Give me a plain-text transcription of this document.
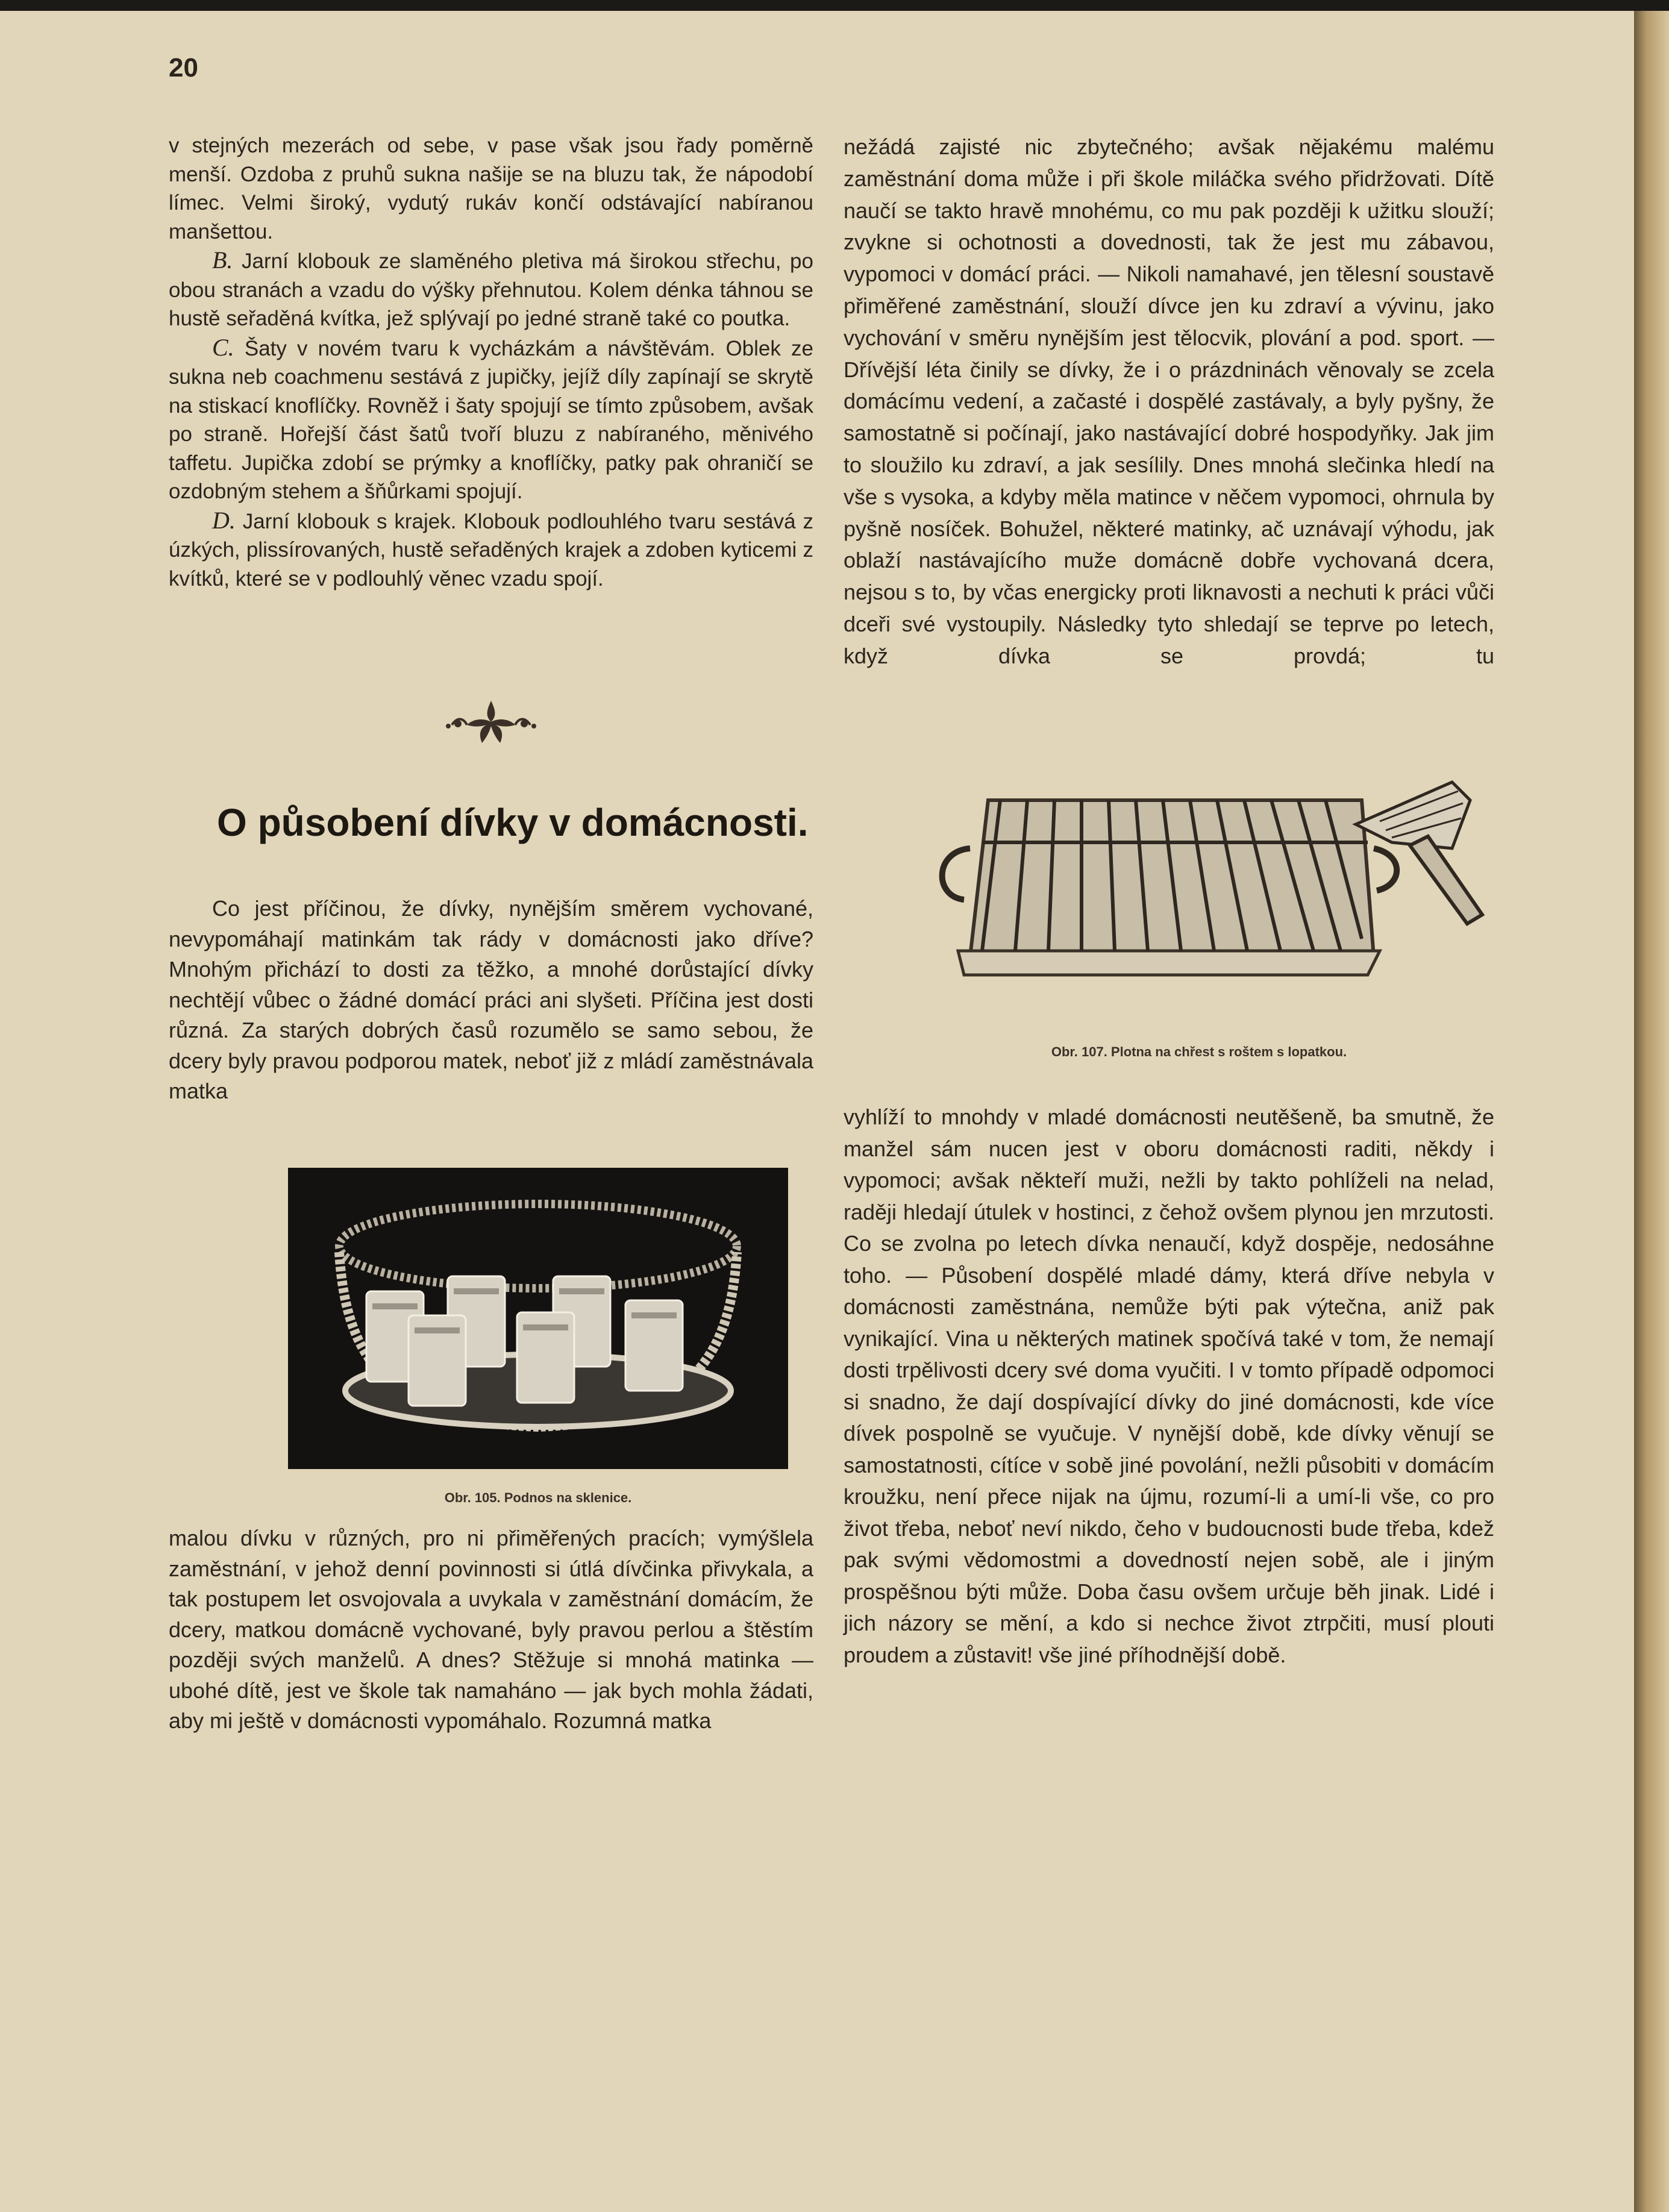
20

v stejných mezerách od sebe, v pase však jsou řady poměrně menší. Ozdoba z pruhů sukna našije se na bluzu tak, že nápodobí límec. Velmi široký, vydutý rukáv končí odstávající nabíranou manšettou.

B. Jarní klobouk ze slaměného pletiva má širokou střechu, po obou stranách a vzadu do výšky přehnutou. Kolem dénka táhnou se hustě seřaděná kvítka, jež splývají po jedné straně také co poutka.

C. Šaty v novém tvaru k vycházkám a návštěvám. Oblek ze sukna neb coachmenu sestává z jupičky, jejíž díly zapínají se skrytě na stiskací knoflíčky. Rovněž i šaty spojují se tímto způsobem, avšak po straně. Hořejší část šatů tvoří bluzu z nabíraného, měnivého taffetu. Jupička zdobí se prýmky a knoflíčky, patky pak ohraničí se ozdobným stehem a šňůrkami spojují.

D. Jarní klobouk s krajek. Klobouk podlouhlého tvaru sestává z úzkých, plissírovaných, hustě seřaděných krajek a zdoben kyticemi z kvítků, které se v podlouhlý věnec vzadu spojí.

O působení dívky v domácnosti.

Co jest příčinou, že dívky, nynějším směrem vychované, nevypomáhají matinkám tak rády v domácnosti jako dříve? Mnohým přichází to dosti za těžko, a mnohé dorůstající dívky nechtějí vůbec o žádné domácí práci ani slyšeti. Příčina jest dosti různá. Za starých dobrých časů rozumělo se samo sebou, že dcery byly pravou podporou matek, neboť již z mládí zaměstnávala matka

Obr. 105. Podnos na sklenice.

malou dívku v různých, pro ni přiměřených pracích; vymýšlela zaměstnání, v jehož denní povinnosti si útlá dívčinka přivykala, a tak postupem let osvojovala a uvykala v zaměstnání domácím, že dcery, matkou domácně vychované, byly pravou perlou a štěstím později svých manželů. A dnes? Stěžuje si mnohá matinka — ubohé dítě, jest ve škole tak namaháno — jak bych mohla žádati, aby mi ještě v domácnosti vypomáhalo. Rozumná matka

nežádá zajisté nic zbytečného; avšak nějakému malému zaměstnání doma může i při škole miláčka svého přidržovati. Dítě naučí se takto hravě mnohému, co mu pak později k užitku slouží; zvykne si ochotnosti a dovednosti, tak že jest mu zábavou, vypomoci v domácí práci. — Nikoli namahavé, jen tělesní soustavě přiměřené zaměstnání, slouží dívce jen ku zdraví a vývinu, jako vychování v směru nynějším jest tělocvik, plování a pod. sport. — Dřívější léta činily se dívky, že i o prázdninách věnovaly se zcela domácímu vedení, a začasté i dospělé zastávaly, a byly pyšny, že samostatně si počínají, jako nastávající dobré hospodyňky. Jak jim to sloužilo ku zdraví, a jak sesílily. Dnes mnohá slečinka hledí na vše s vysoka, a kdyby měla matince v něčem vypomoci, ohrnula by pyšně nosíček. Bohužel, některé matinky, ač uznávají výhodu, jak oblaží nastávajícího muže domácně dobře vychovaná dcera, nejsou s to, by včas energicky proti liknavosti a nechuti k práci vůči dceři své vystoupily. Následky tyto shledají se teprve po letech, když dívka se provdá; tu

Obr. 107. Plotna na chřest s roštem s lopatkou.

vyhlíží to mnohdy v mladé domácnosti neutěšeně, ba smutně, že manžel sám nucen jest v oboru domácnosti raditi, někdy i vypomoci; avšak někteří muži, nežli by takto pohlíželi na nelad, raději hledají útulek v hostinci, z čehož ovšem plynou jen mrzutosti. Co se zvolna po letech dívka nenaučí, když dospěje, nedosáhne toho. — Působení dospělé mladé dámy, která dříve nebyla v domácnosti zaměstnána, nemůže býti pak výtečna, aniž pak vynikající. Vina u některých matinek spočívá také v tom, že nemají dosti trpělivosti dcery své doma vyučiti. I v tomto případě odpomoci si snadno, že dají dospívající dívky do jiné domácnosti, kde více dívek pospolně se vyučuje. V nynější době, kde dívky věnují se samostatnosti, cítíce v sobě jiné povolání, nežli působiti v domácím kroužku, není přece nijak na újmu, rozumí-li a umí-li vše, co pro život třeba, neboť neví nikdo, čeho v budoucnosti bude třeba, kdež pak svými vědomostmi a dovedností nejen sobě, ale i jiným prospěšnou býti může. Doba času ovšem určuje běh jinak. Lidé i jich názory se mění, a kdo si nechce život ztrpčiti, musí plouti proudem a zůstavit! vše jiné příhodnější době.
